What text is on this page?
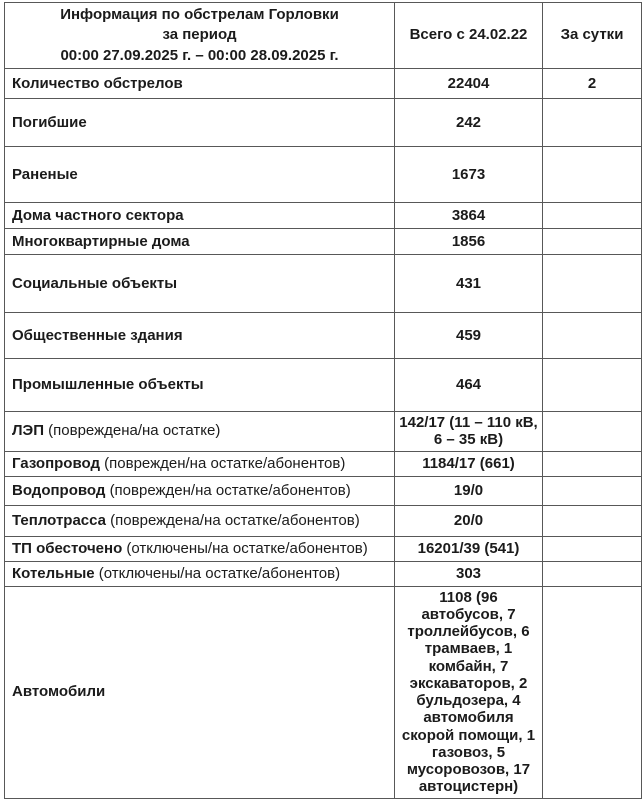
Информация по обстрелам Горловки
за период
00:00 27.09.2025 г. – 00:00 28.09.2025 г.	Всего с 24.02.22	За сутки
Количество обстрелов	22404	2
Погибшие	242	
Раненые	1673	
Дома частного сектора	3864	
Многоквартирные дома	1856	
Социальные объекты	431	
Общественные здания	459	
Промышленные объекты	464	
ЛЭП (повреждена/на остатке)	142/17 (11 – 110 кВ, 6 – 35 кВ)	
Газопровод (поврежден/на остатке/абонентов)	1184/17 (661)	
Водопровод (поврежден/на остатке/абонентов)	19/0	
Теплотрасса (повреждена/на остатке/абонентов)	20/0	
ТП обесточено (отключены/на остатке/абонентов)	16201/39 (541)	
Котельные (отключены/на остатке/абонентов)	303	
Автомобили	1108 (96 автобусов, 7 троллейбусов, 6 трамваев, 1 комбайн, 7 экскаваторов, 2 бульдозера, 4 автомобиля скорой помощи, 1 газовоз, 5 мусоровозов, 17 автоцистерн)	
